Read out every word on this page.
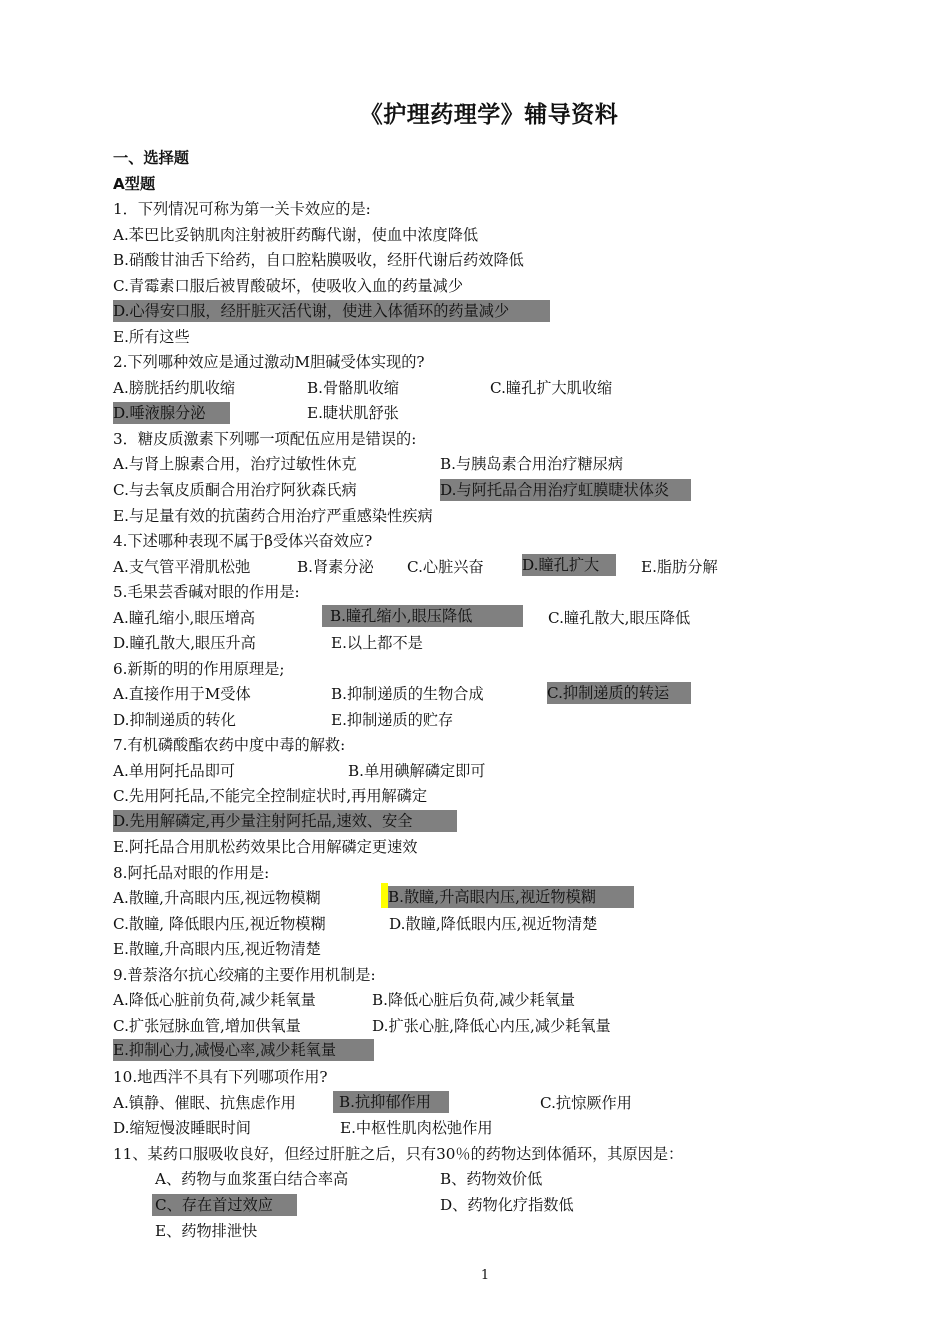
《护理药理学》辅导资料
一、选择题
A型题
1．下列情况可称为第一关卡效应的是:
A.苯巴比妥钠肌肉注射被肝药酶代谢，使血中浓度降低
B.硝酸甘油舌下给药，自口腔粘膜吸收，经肝代谢后药效降低
C.青霉素口服后被胃酸破坏，使吸收入血的药量减少
D.心得安口服，经肝脏灭活代谢，使进入体循环的药量减少
E.所有这些
2.下列哪种效应是通过激动M胆碱受体实现的?
A.膀胱括约肌收缩	B.骨骼肌收缩	C.瞳孔扩大肌收缩
D.唾液腺分泌	E.睫状肌舒张
3．糖皮质激素下列哪一项配伍应用是错误的:
A.与肾上腺素合用，治疗过敏性休克	B.与胰岛素合用治疗糖尿病
C.与去氧皮质酮合用治疗阿狄森氏病	D.与阿托品合用治疗虹膜睫状体炎
E.与足量有效的抗菌药合用治疗严重感染性疾病
4.下述哪种表现不属于β受体兴奋效应?
A.支气管平滑肌松弛	B.肾素分泌 C.心脏兴奋	D.瞳孔扩大	E.脂肪分解
5.毛果芸香碱对眼的作用是:
A.瞳孔缩小,眼压增高	B.瞳孔缩小,眼压降低	C.瞳孔散大,眼压降低
D.瞳孔散大,眼压升高	E.以上都不是
6.新斯的明的作用原理是;
A.直接作用于M受体	B.抑制递质的生物合成	C.抑制递质的转运
D.抑制递质的转化	E.抑制递质的贮存
7.有机磷酸酯农药中度中毒的解救:
A.单用阿托品即可	B.单用碘解磷定即可
C.先用阿托品,不能完全控制症状时,再用解磷定
D.先用解磷定,再少量注射阿托品,速效、安全
E.阿托品合用肌松药效果比合用解磷定更速效
8.阿托品对眼的作用是:
A.散瞳,升高眼内压,视远物模糊	B.散瞳,升高眼内压,视近物模糊
C.散瞳, 降低眼内压,视近物模糊	D.散瞳,降低眼内压,视近物清楚
E.散瞳,升高眼内压,视近物清楚
9.普萘洛尔抗心绞痛的主要作用机制是:
A.降低心脏前负荷,减少耗氧量	B.降低心脏后负荷,减少耗氧量
C.扩张冠脉血管,增加供氧量	D.扩张心脏,降低心内压,减少耗氧量
E.抑制心力,减慢心率,减少耗氧量
10.地西泮不具有下列哪项作用?
A.镇静、催眠、抗焦虑作用	B.抗抑郁作用	C.抗惊厥作用
D.缩短慢波睡眠时间	E.中枢性肌肉松弛作用
11、某药口服吸收良好，但经过肝脏之后，只有30％的药物达到体循环，其原因是：
A、药物与血浆蛋白结合率高	B、药物效价低
C、存在首过效应	D、药物化疗指数低
E、药物排泄快
1
